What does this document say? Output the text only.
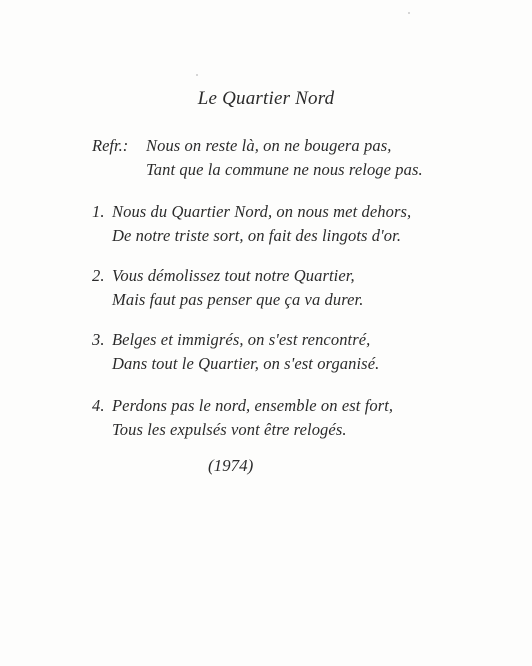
Le Quartier Nord
Refr.: Nous on reste là, on ne bougera pas,
Tant que la commune ne nous reloge pas.
1. Nous du Quartier Nord, on nous met dehors,
De notre triste sort, on fait des lingots d'or.
2. Vous démolissez tout notre Quartier,
Mais faut pas penser que ça va durer.
3. Belges et immigrés, on s'est rencontré,
Dans tout le Quartier, on s'est organisé.
4. Perdons pas le nord, ensemble on est fort,
Tous les expulsés vont être relogés.
(1974)
